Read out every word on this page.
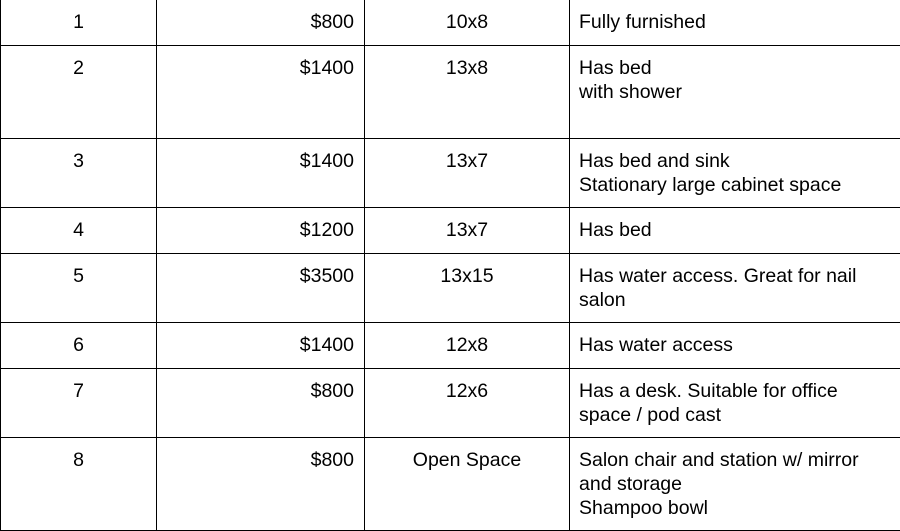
1	$800	10x8	Fully furnished

2	$1400	13x8	Has bed
with shower

3	$1400	13x7	Has bed and sink
Stationary large cabinet space

4	$1200	13x7	Has bed

5	$3500	13x15	Has water access. Great for nail
salon

6	$1400	12x8	Has water access

7	$800	12x6	Has a desk. Suitable for office
space / pod cast

8	$800	Open Space	Salon chair and station w/ mirror
and storage
Shampoo bowl
